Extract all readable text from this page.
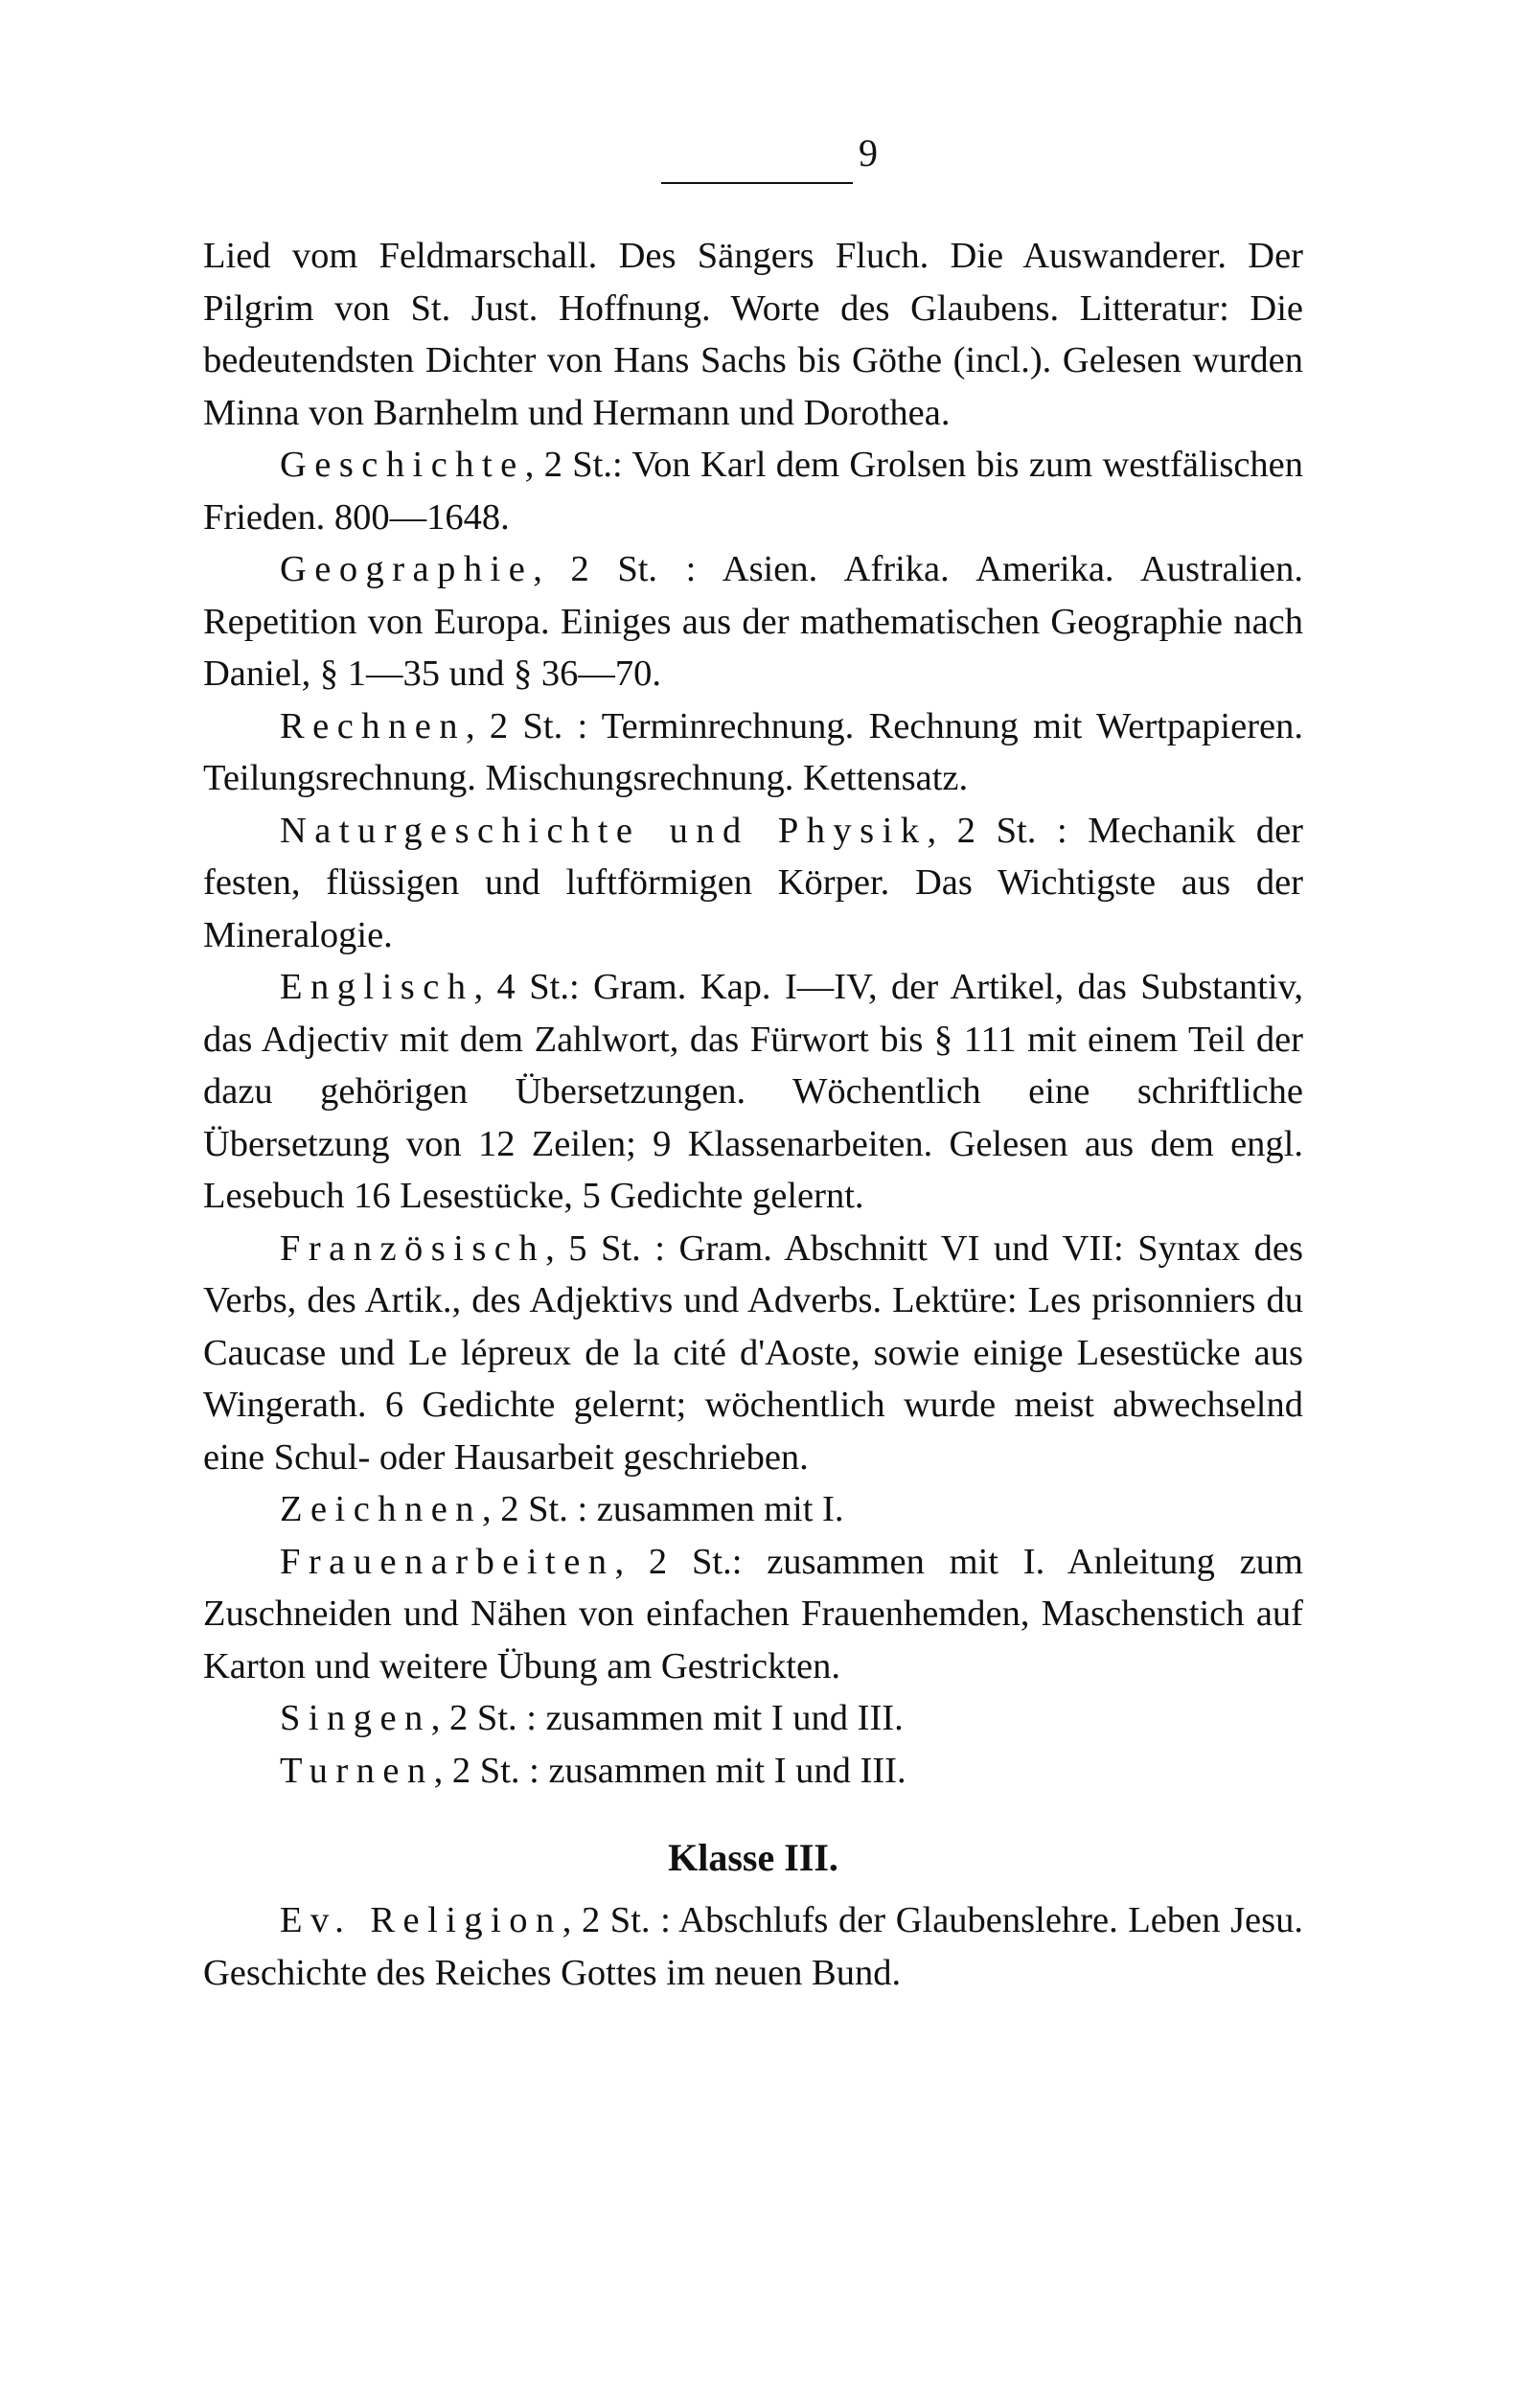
9

Lied vom Feldmarschall. Des Sängers Fluch. Die Auswanderer. Der Pilgrim von St. Just. Hoffnung. Worte des Glaubens. Litteratur: Die bedeutendsten Dichter von Hans Sachs bis Göthe (incl.). Gelesen wurden Minna von Barnhelm und Hermann und Dorothea.

Geschichte, 2 St.: Von Karl dem Grolsen bis zum westfälischen Frieden. 800—1648.

Geographie, 2 St. : Asien. Afrika. Amerika. Australien. Repetition von Europa. Einiges aus der mathematischen Geographie nach Daniel, § 1—35 und § 36—70.

Rechnen, 2 St. : Terminrechnung. Rechnung mit Wertpapieren. Teilungsrechnung. Mischungsrechnung. Kettensatz.

Naturgeschichte und Physik, 2 St. : Mechanik der festen, flüssigen und luftförmigen Körper. Das Wichtigste aus der Mineralogie.

Englisch, 4 St.: Gram. Kap. I—IV, der Artikel, das Substantiv, das Adjectiv mit dem Zahlwort, das Fürwort bis § 111 mit einem Teil der dazu gehörigen Übersetzungen. Wöchentlich eine schriftliche Übersetzung von 12 Zeilen; 9 Klassenarbeiten. Gelesen aus dem engl. Lesebuch 16 Lesestücke, 5 Gedichte gelernt.

Französisch, 5 St. : Gram. Abschnitt VI und VII: Syntax des Verbs, des Artik., des Adjektivs und Adverbs. Lektüre: Les prisonniers du Caucase und Le lépreux de la cité d'Aoste, sowie einige Lesestücke aus Wingerath. 6 Gedichte gelernt; wöchentlich wurde meist abwechselnd eine Schul- oder Hausarbeit geschrieben.

Zeichnen, 2 St. : zusammen mit I.

Frauenarbeiten, 2 St.: zusammen mit I. Anleitung zum Zuschneiden und Nähen von einfachen Frauenhemden, Maschenstich auf Karton und weitere Übung am Gestrickten.

Singen, 2 St. : zusammen mit I und III.

Turnen, 2 St. : zusammen mit I und III.

Klasse III.

Ev. Religion, 2 St. : Abschlufs der Glaubenslehre. Leben Jesu. Geschichte des Reiches Gottes im neuen Bund.
